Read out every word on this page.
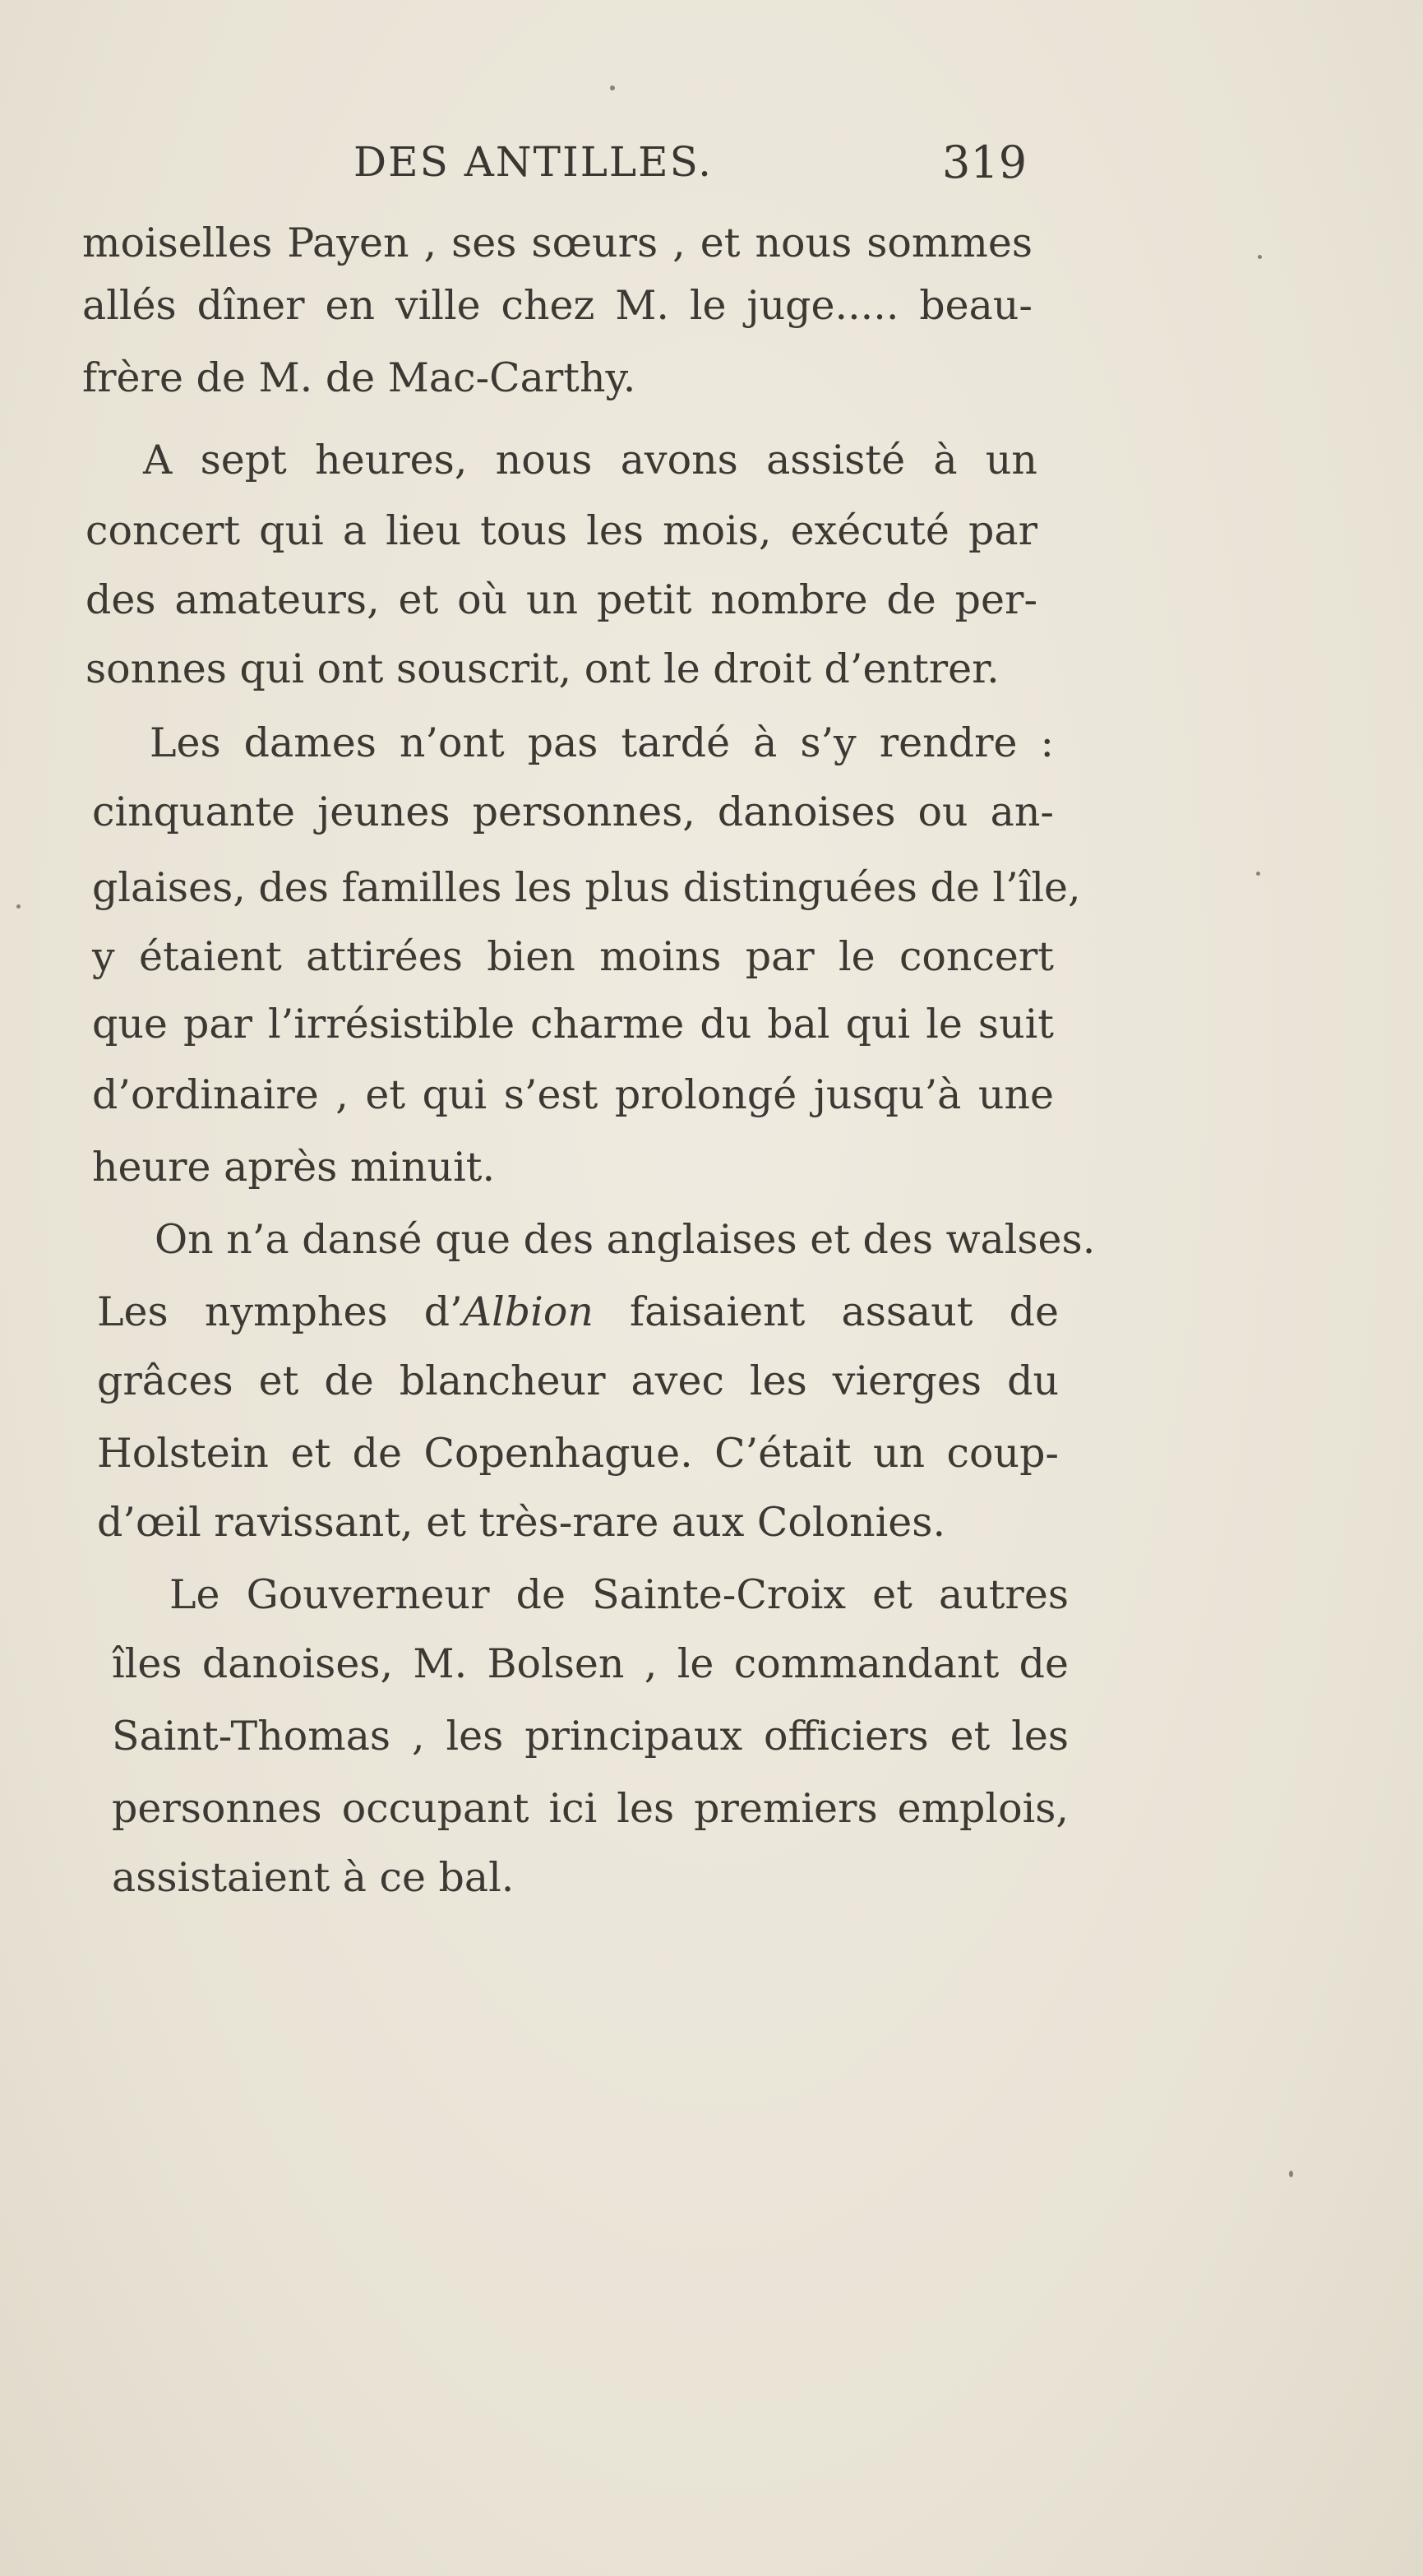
DES ANTILLES.	319
moiselles Payen , ses sœurs , et nous sommes
allés dîner en ville chez M. le juge..... beau-
frère de M. de Mac-Carthy.
A sept heures, nous avons assisté à un
concert qui a lieu tous les mois, exécuté par
des amateurs, et où un petit nombre de per-
sonnes qui ont souscrit, ont le droit d’entrer.
Les dames n’ont pas tardé à s’y rendre :
cinquante jeunes personnes, danoises ou an-
glaises, des familles les plus distinguées de l’île,
y étaient attirées bien moins par le concert
que par l’irrésistible charme du bal qui le suit
d’ordinaire , et qui s’est prolongé jusqu’à une
heure après minuit.
On n’a dansé que des anglaises et des walses.
Les nymphes d’Albion faisaient assaut de
grâces et de blancheur avec les vierges du
Holstein et de Copenhague. C’était un coup-
d’œil ravissant, et très-rare aux Colonies.
Le Gouverneur de Sainte-Croix et autres
îles danoises, M. Bolsen , le commandant de
Saint-Thomas , les principaux officiers et les
personnes occupant ici les premiers emplois,
assistaient à ce bal.
